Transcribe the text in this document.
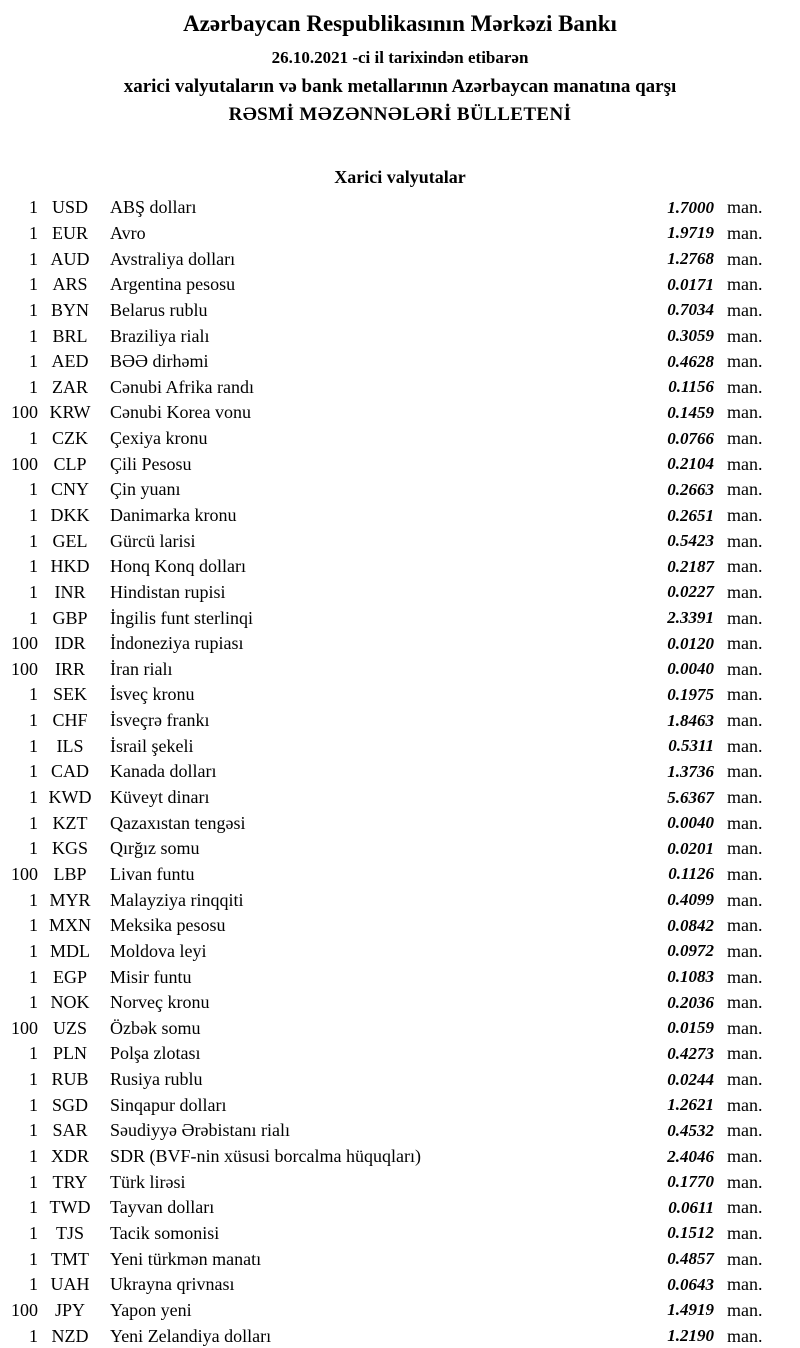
Azərbaycan Respublikasının Mərkəzi Bankı
26.10.2021 -ci il tarixindən etibarən
xarici valyutaların və bank metallarının Azərbaycan manatına qarşı
RƏSMİ MƏZƏNNƏLƏRİ BÜLLETENİ
Xarici valyutalar
1 USD	ABŞ dolları	1.7000 man.
1 EUR	Avro	1.9719 man.
1 AUD	Avstraliya dolları	1.2768 man.
1 ARS	Argentina pesosu	0.0171 man.
1 BYN	Belarus rublu	0.7034 man.
1 BRL	Braziliya rialı	0.3059 man.
1 AED	BƏƏ dirhəmi	0.4628 man.
1 ZAR	Cənubi Afrika randı	0.1156 man.
100 KRW	Cənubi Korea vonu	0.1459 man.
1 CZK	Çexiya kronu	0.0766 man.
100 CLP	Çili Pesosu	0.2104 man.
1 CNY	Çin yuanı	0.2663 man.
1 DKK	Danimarka kronu	0.2651 man.
1 GEL	Gürcü larisi	0.5423 man.
1 HKD	Honq Konq dolları	0.2187 man.
1 INR	Hindistan rupisi	0.0227 man.
1 GBP	İngilis funt sterlinqi	2.3391 man.
100 IDR	İndoneziya rupiası	0.0120 man.
100 IRR	İran rialı	0.0040 man.
1 SEK	İsveç kronu	0.1975 man.
1 CHF	İsveçrə frankı	1.8463 man.
1	ILS	İsrail şekeli	0.5311 man.
1 CAD	Kanada dolları	1.3736 man.
1 KWD Küveyt dinarı	5.6367 man.
1 KZT	Qazaxıstan tengəsi	0.0040 man.
1 KGS	Qırğız somu	0.0201 man.
100 LBP	Livan funtu	0.1126 man.
1 MYR	Malayziya rinqqiti	0.4099 man.
1 MXN Meksika pesosu	0.0842 man.
1 MDL	Moldova leyi	0.0972 man.
1 EGP	Misir funtu	0.1083 man.
1 NOK	Norveç kronu	0.2036 man.
100 UZS	Özbək somu	0.0159 man.
1 PLN	Polşa zlotası	0.4273 man.
1 RUB	Rusiya rublu	0.0244 man.
1 SGD	Sinqapur dolları	1.2621 man.
1 SAR	Səudiyyə Ərəbistanı rialı	0.4532 man.
1 XDR	SDR (BVF-nin xüsusi borcalma hüquqları)	2.4046 man.
1 TRY	Türk lirəsi	0.1770 man.
1 TWD	Tayvan dolları	0.0611 man.
1 TJS	Tacik somonisi	0.1512 man.
1 TMT	Yeni türkmən manatı	0.4857 man.
1 UAH	Ukrayna qrivnası	0.0643 man.
100 JPY	Yapon yeni	1.4919 man.
1 NZD	Yeni Zelandiya dolları	1.2190 man.
